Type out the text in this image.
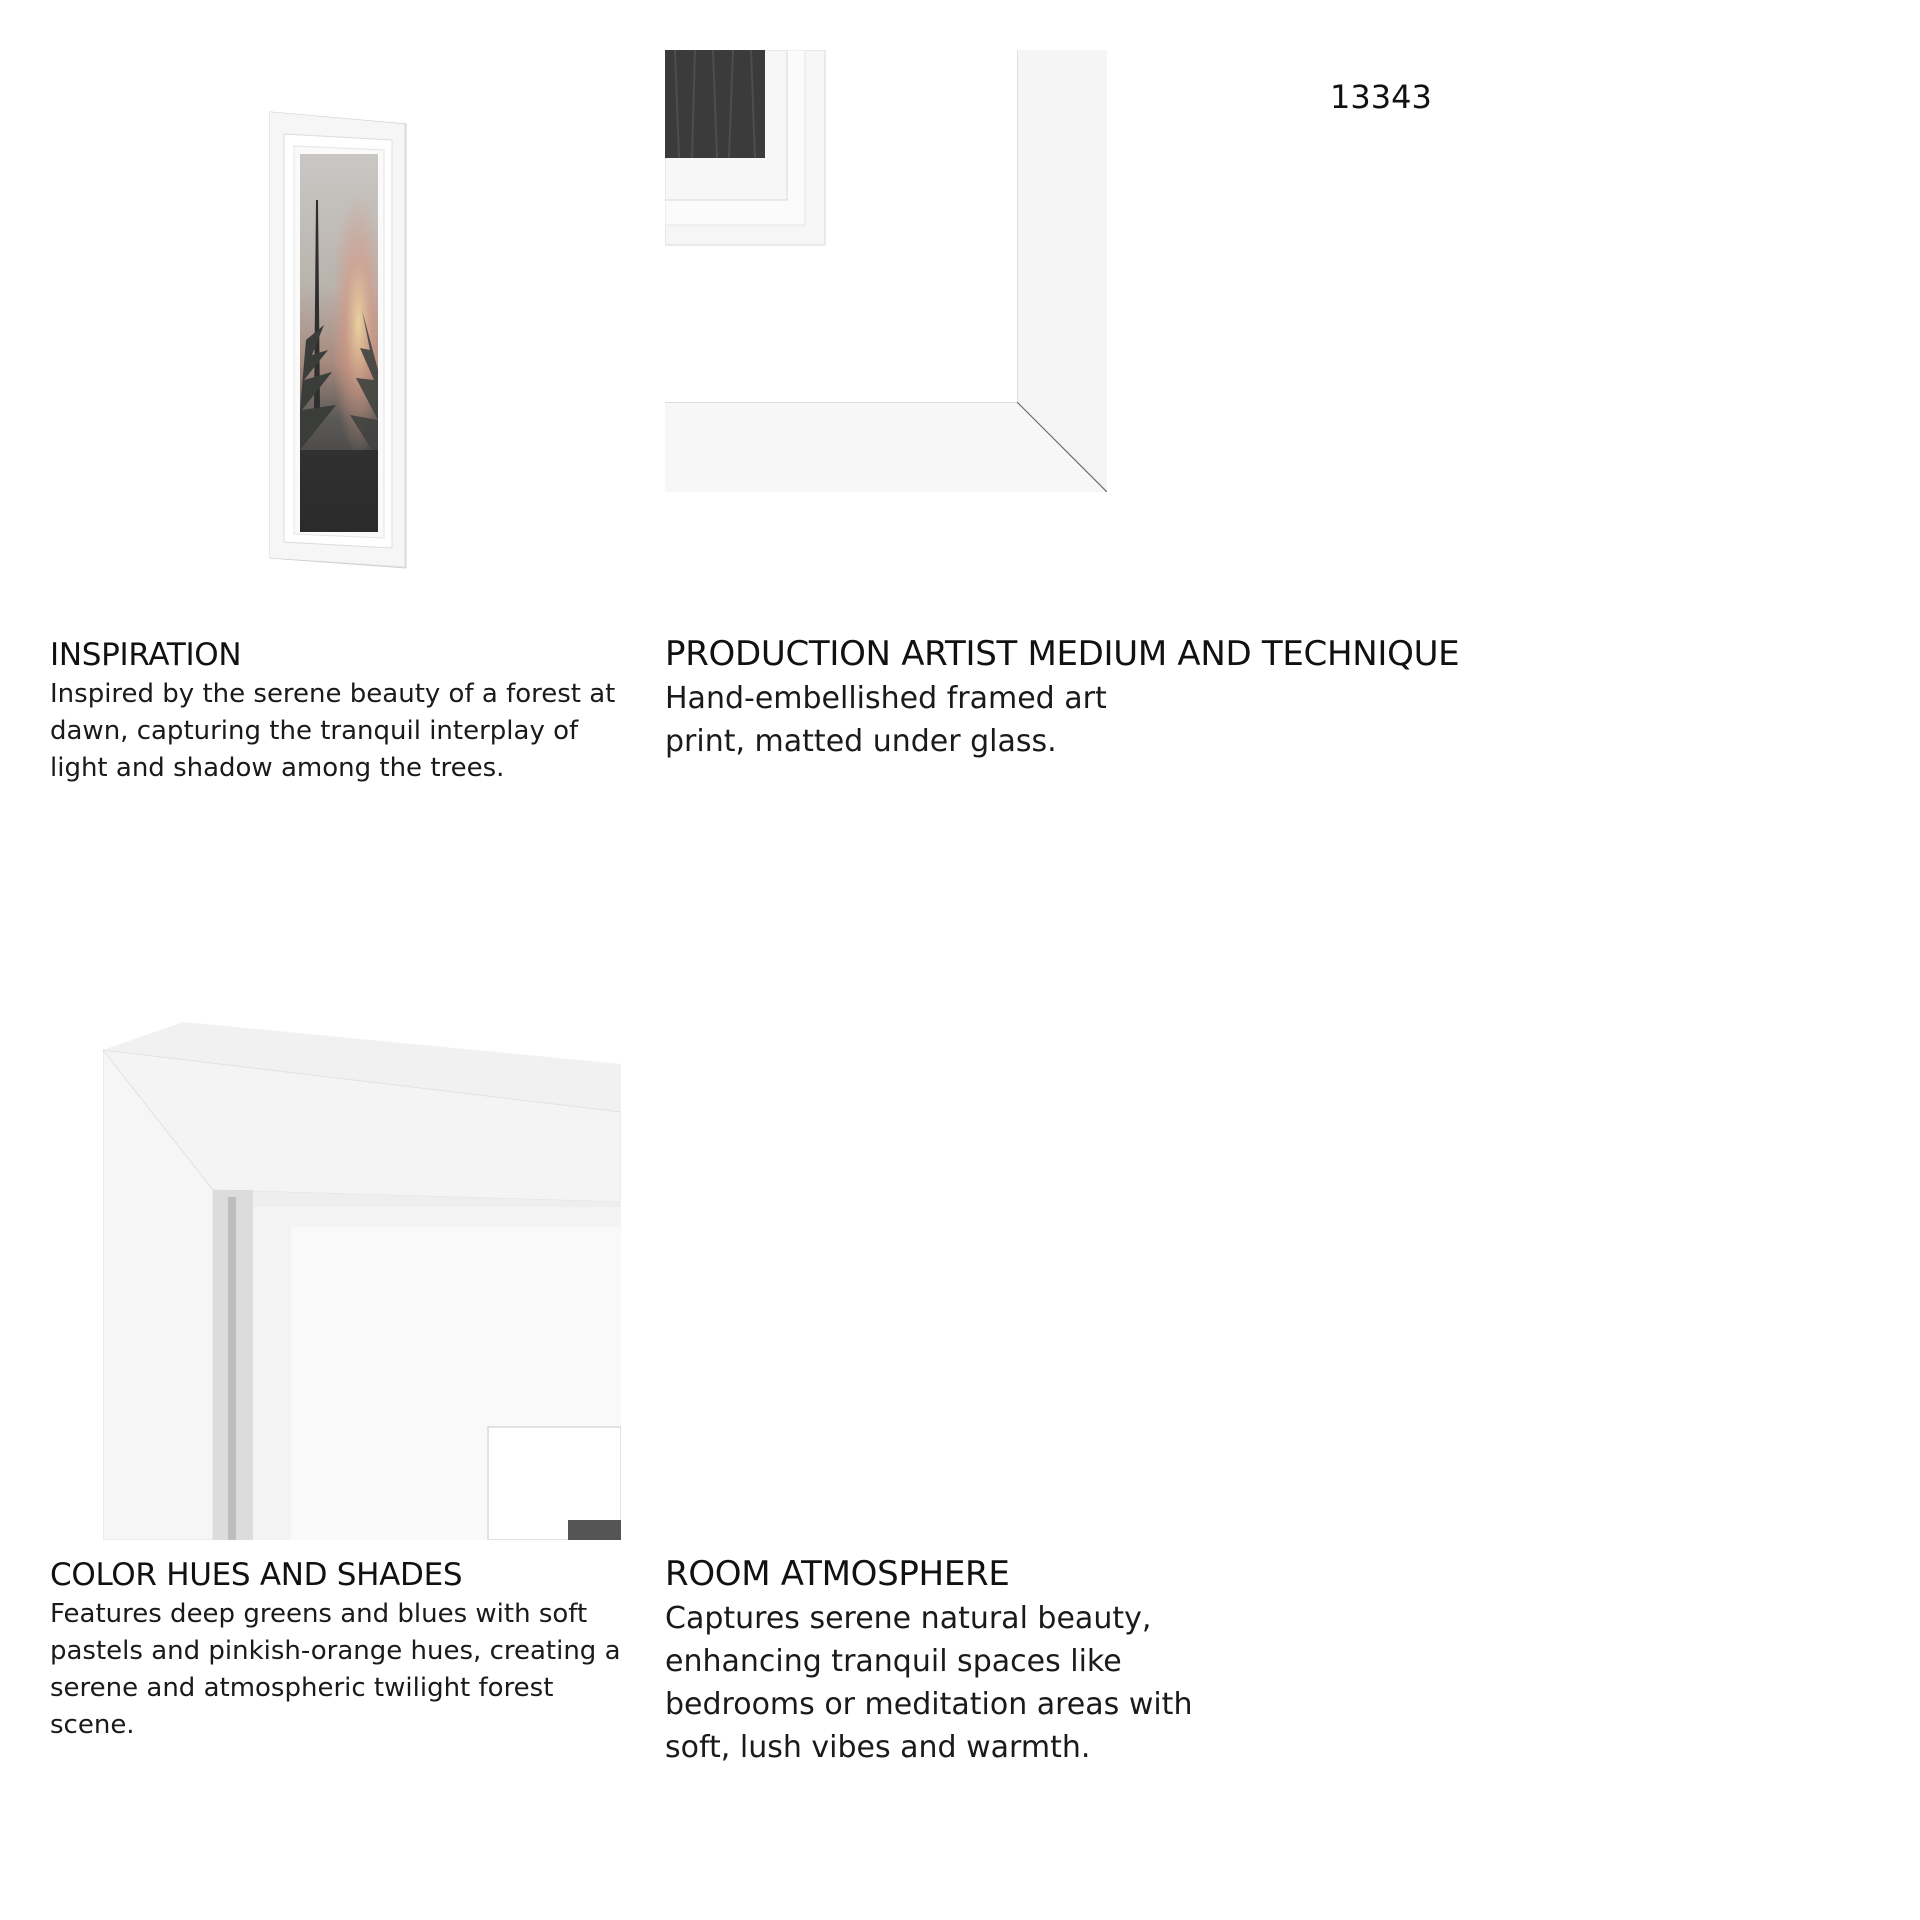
13343
INSPIRATION

Inspired by the serene beauty of a forest at dawn, capturing the tranquil interplay of light and shadow among the trees.

PRODUCTION ARTIST MEDIUM AND TECHNIQUE

Hand-embellished framed art print, matted under glass.

COLOR HUES AND SHADES

Features deep greens and blues with soft pastels and pinkish-orange hues, creating a serene and atmospheric twilight forest scene.

ROOM ATMOSPHERE

Captures serene natural beauty, enhancing tranquil spaces like bedrooms or meditation areas with soft, lush vibes and warmth.
